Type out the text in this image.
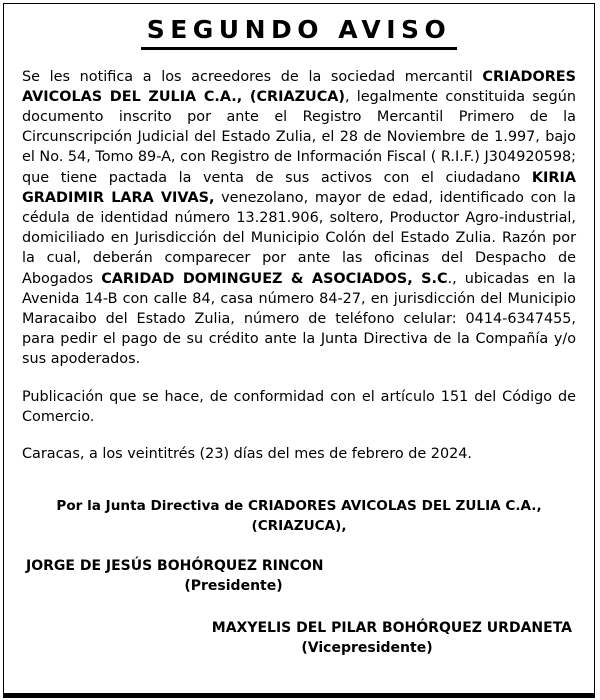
SEGUNDO AVISO

Se les notifica a los acreedores de la sociedad mercantil CRIADORES AVICOLAS DEL ZULIA C.A., (CRIAZUCA), legalmente constituida según documento inscrito por ante el Registro Mercantil Primero de la Circunscripción Judicial del Estado Zulia, el 28 de Noviembre de 1.997, bajo el No. 54, Tomo 89-A, con Registro de Información Fiscal ( R.I.F.) J304920598; que tiene pactada la venta de sus activos con el ciudadano KIRIA GRADIMIR LARA VIVAS, venezolano, mayor de edad, identificado con la cédula de identidad número 13.281.906, soltero, Productor Agro-industrial, domiciliado en Jurisdicción del Municipio Colón del Estado Zulia. Razón por la cual, deberán comparecer por ante las oficinas del Despacho de Abogados CARIDAD DOMINGUEZ & ASOCIADOS, S.C., ubicadas en la Avenida 14-B con calle 84, casa número 84-27, en jurisdicción del Municipio Maracaibo del Estado Zulia, número de teléfono celular: 0414-6347455, para pedir el pago de su crédito ante la Junta Directiva de la Compañía y/o sus apoderados.

Publicación que se hace, de conformidad con el artículo 151 del Código de Comercio.

Caracas, a los veintitrés (23) días del mes de febrero de 2024.

Por la Junta Directiva de CRIADORES AVICOLAS DEL ZULIA C.A., (CRIAZUCA),
JORGE DE JESÚS BOHÓRQUEZ RINCON
(Presidente)
MAXYELIS DEL PILAR BOHÓRQUEZ URDANETA
(Vicepresidente)
